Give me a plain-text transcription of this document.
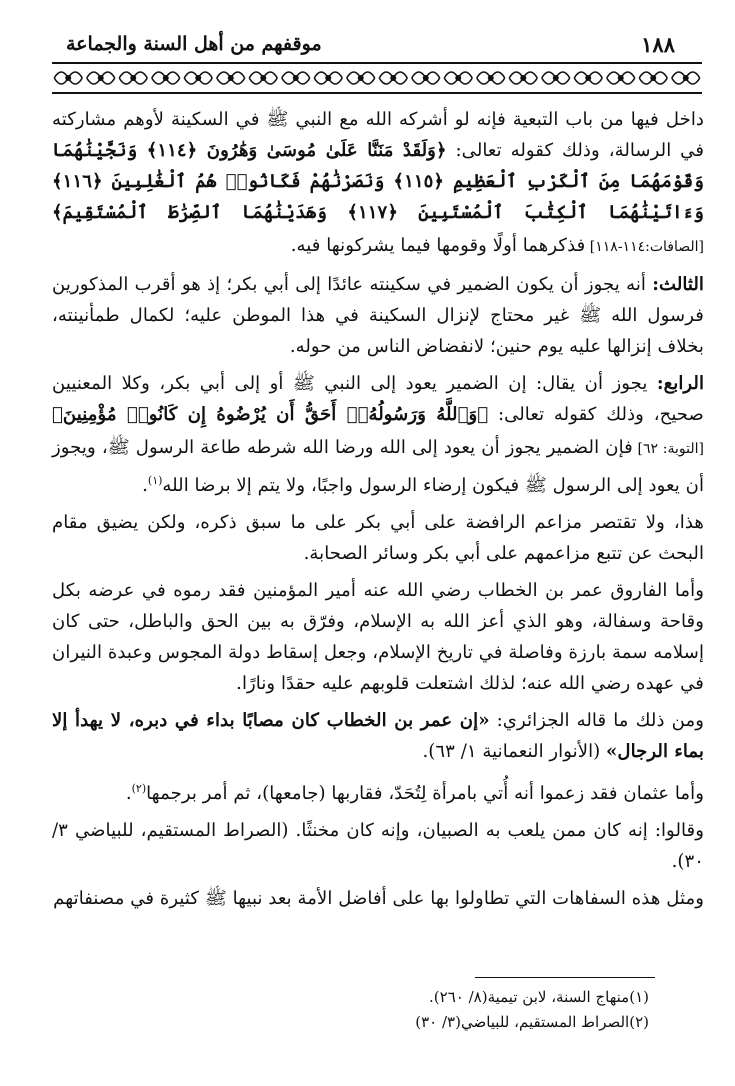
١٨٨
موقفهم من أهل السنة والجماعة

داخل فيها من باب التبعية فإنه لو أشركه الله مع النبي ﷺ في السكينة لأوهم مشاركته في الرسالة، وذلك كقوله تعالى: ﴿وَلَقَدْ مَنَنَّا عَلَىٰ مُوسَىٰ وَهَٰرُونَ ﴿١١٤﴾ وَنَجَّيْنَٰهُمَا وَقَوْمَهُمَا مِنَ ٱلْكَرْبِ ٱلْعَظِيمِ ﴿١١٥﴾ وَنَصَرْنَٰهُمْ فَكَانُوا۟ هُمُ ٱلْغَٰلِبِينَ ﴿١١٦﴾ وَءَاتَيْنَٰهُمَا ٱلْكِتَٰبَ ٱلْمُسْتَبِينَ ﴿١١٧﴾ وَهَدَيْنَٰهُمَا ٱلصِّرَٰطَ ٱلْمُسْتَقِيمَ﴾ [الصافات:١١٤-١١٨] فذكرهما أولًا وقومها فيما يشركونها فيه.

الثالث: أنه يجوز أن يكون الضمير في سكينته عائدًا إلى أبي بكر؛ إذ هو أقرب المذكورين فرسول الله ﷺ غير محتاج لإنزال السكينة في هذا الموطن عليه؛ لكمال طمأنينته، بخلاف إنزالها عليه يوم حنين؛ لانفضاض الناس من حوله.

الرابع: يجوز أن يقال: إن الضمير يعود إلى النبي ﷺ أو إلى أبي بكر، وكلا المعنيين صحيح، وذلك كقوله تعالى: ﴿وَٱللَّهُ وَرَسُولُهُۥٓ أَحَقُّ أَن يُرْضُوهُ إِن كَانُوا۟ مُؤْمِنِينَ﴾ [التوبة: ٦٢] فإن الضمير يجوز أن يعود إلى الله ورضا الله شرطه طاعة الرسول ﷺ، ويجوز أن يعود إلى الرسول ﷺ فيكون إرضاء الرسول واجبًا، ولا يتم إلا برضا الله$^{(١)}$.

هذا، ولا تقتصر مزاعم الرافضة على أبي بكر على ما سبق ذكره، ولكن يضيق مقام البحث عن تتبع مزاعمهم على أبي بكر وسائر الصحابة.

وأما الفاروق عمر بن الخطاب رضي الله عنه أمير المؤمنين فقد رموه في عرضه بكل وقاحة وسفالة، وهو الذي أعز الله به الإسلام، وفرّق به بين الحق والباطل، حتى كان إسلامه سمة بارزة وفاصلة في تاريخ الإسلام، وجعل إسقاط دولة المجوس وعبدة النيران في عهده رضي الله عنه؛ لذلك اشتعلت قلوبهم عليه حقدًا ونارًا.

ومن ذلك ما قاله الجزائري: «إن عمر بن الخطاب كان مصابًا بداء في دبره، لا يهدأ إلا بماء الرجال» (الأنوار النعمانية ١/ ٦٣).

وأما عثمان فقد زعموا أنه أُتي بامرأة لِتُحَدّ، فقاربها (جامعها)، ثم أمر برجمها$^{(٢)}$.

وقالوا: إنه كان ممن يلعب به الصبيان، وإنه كان مخنثًا. (الصراط المستقيم، للبياضي ٣/ ٣٠).

ومثل هذه السفاهات التي تطاولوا بها على أفاضل الأمة بعد نبيها ﷺ كثيرة في مصنفاتهم

(١)منهاج السنة، لابن تيمية(٨/ ٢٦٠).
(٢)الصراط المستقيم، للبياضي(٣/ ٣٠)
